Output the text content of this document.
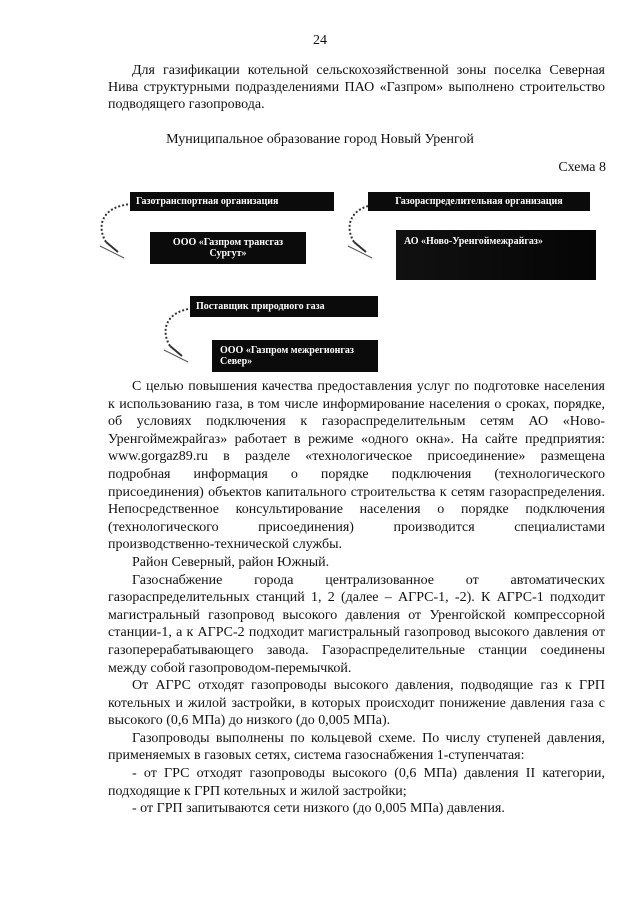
24

Для газификации котельной сельскохозяйственной зоны поселка Северная Нива структурными подразделениями ПАО «Газпром» выполнено строительство подводящего газопровода.

Муниципальное образование город Новый Уренгой
Схема 8
Газотранспортная организация
ООО «Газпром трансгаз Сургут»
Газораспределительная организация
АО «Ново-Уренгоймежрайгаз»
Поставщик природного газа
ООО «Газпром межрегионгаз Север»

С целью повышения качества предоставления услуг по подготовке населения к использованию газа, в том числе информирование населения о сроках, порядке, об условиях подключения к газораспределительным сетям АО «Ново-Уренгоймежрайгаз» работает в режиме «одного окна». На сайте предприятия: www.gorgaz89.ru в разделе «технологическое присоединение» размещена подробная информация о порядке подключения (технологического присоединения) объектов капитального строительства к сетям газораспределения. Непосредственное консультирование населения о порядке подключения (технологического присоединения) производится специалистами производственно-технической службы.

Район Северный, район Южный.

Газоснабжение города централизованное от автоматических газораспределительных станций 1, 2 (далее – АГРС-1, -2). К АГРС-1 подходит магистральный газопровод высокого давления от Уренгойской компрессорной станции-1, а к АГРС-2 подходит магистральный газопровод высокого давления от газоперерабатывающего завода. Газораспределительные станции соединены между собой газопроводом-перемычкой.

От АГРС отходят газопроводы высокого давления, подводящие газ к ГРП котельных и жилой застройки, в которых происходит понижение давления газа с высокого (0,6 МПа) до низкого (до 0,005 МПа).

Газопроводы выполнены по кольцевой схеме. По числу ступеней давления, применяемых в газовых сетях, система газоснабжения 1-ступенчатая:

- от ГРС отходят газопроводы высокого (0,6 МПа) давления II категории, подходящие к ГРП котельных и жилой застройки;

- от ГРП запитываются сети низкого (до 0,005 МПа) давления.
